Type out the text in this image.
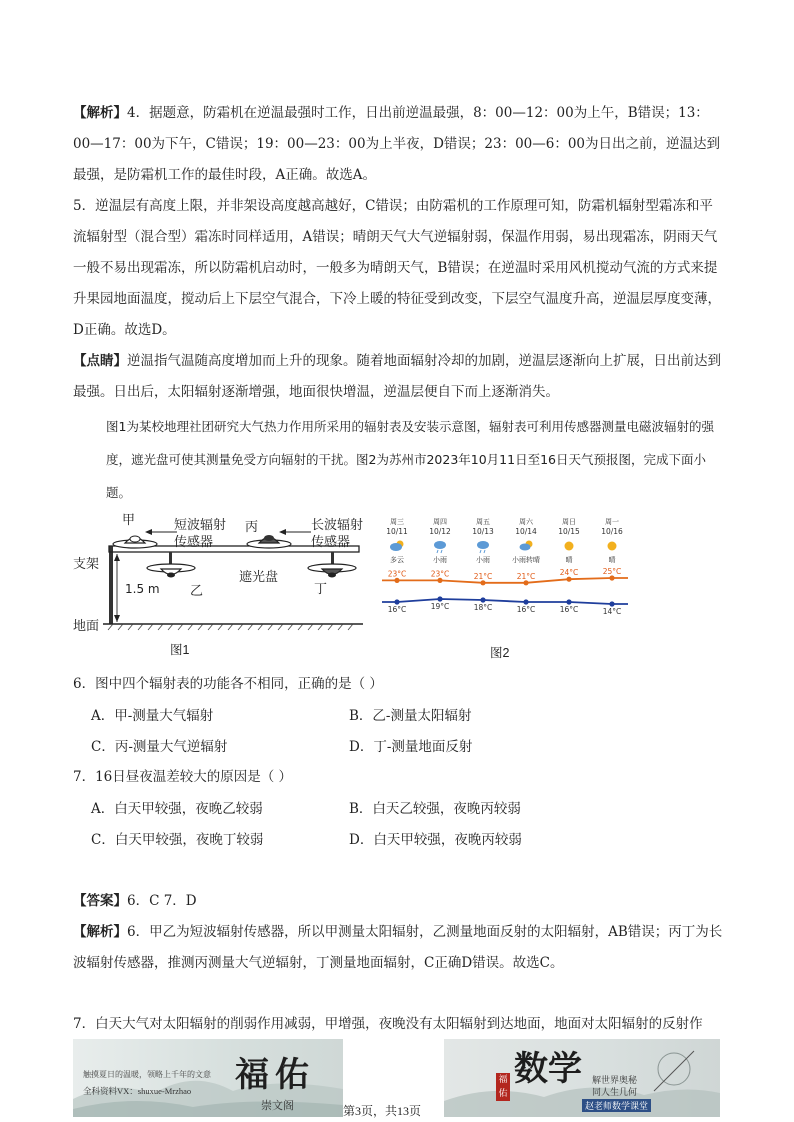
【解析】4．据题意，防霜机在逆温最强时工作，日出前逆温最强，8：00—12：00为上午，B错误；13：00—17：00为下午，C错误；19：00—23：00为上半夜，D错误；23：00—6：00为日出之前，逆温达到最强，是防霜机工作的最佳时段，A正确。故选A。
5．逆温层有高度上限，并非架设高度越高越好，C错误；由防霜机的工作原理可知，防霜机辐射型霜冻和平流辐射型（混合型）霜冻时同样适用，A错误；晴朗天气大气逆辐射弱，保温作用弱，易出现霜冻，阴雨天气一般不易出现霜冻，所以防霜机启动时，一般多为晴朗天气，B错误；在逆温时采用风机搅动气流的方式来提升果园地面温度，搅动后上下层空气混合，下冷上暖的特征受到改变，下层空气温度升高，逆温层厚度变薄，D正确。故选D。
【点睛】逆温指气温随高度增加而上升的现象。随着地面辐射冷却的加剧，逆温层逐渐向上扩展，日出前达到最强。日出后，太阳辐射逐渐增强，地面很快增温，逆温层便自下而上逐渐消失。
图1为某校地理社团研究大气热力作用所采用的辐射表及安装示意图，辐射表可利用传感器测量电磁波辐射的强度，遮光盘可使其测量免受方向辐射的干扰。图2为苏州市2023年10月11日至16日天气预报图，完成下面小题。
甲	短波辐射
传感器
丙	长波辐射
传感器
支架
1.5 m 乙
遮光盘
丁
地面
图1
周三
10/11
多云
周四
10/12
小雨
周五
10/13
小雨
周六
10/14
小雨转晴
周日
10/15
晴
周一
10/16
晴
23°C
16°C
23°C
19°C
21°C
18°C
21°C
16°C
24°C
16°C
25°C
14°C
图2
6．图中四个辐射表的功能各不相同，正确的是（ ）
A．甲-测量大气辐射	B．乙-测量太阳辐射
C．丙-测量大气逆辐射	D．丁-测量地面反射
7．16日昼夜温差较大的原因是（ ）
A．白天甲较强，夜晚乙较弱	B．白天乙较强，夜晚丙较弱
C．白天甲较强，夜晚丁较弱	D．白天甲较强，夜晚丙较弱
【答案】6．C 7．D
【解析】6．甲乙为短波辐射传感器，所以甲测量太阳辐射，乙测量地面反射的太阳辐射，AB错误；丙丁为长波辐射传感器，推测丙测量大气逆辐射，丁测量地面辐射，C正确D错误。故选C。
7．白天大气对太阳辐射的削弱作用减弱，甲增强，夜晚没有太阳辐射到达地面，地面对太阳辐射的反射作
触摸夏日的温暖，领略上千年的文意
全科资料VX：shuxue-Mrzhao 福佑
崇文阁
数学
福佑
解世界奥秘
同人生几何
赵老师数学课堂
第3页，共13页
